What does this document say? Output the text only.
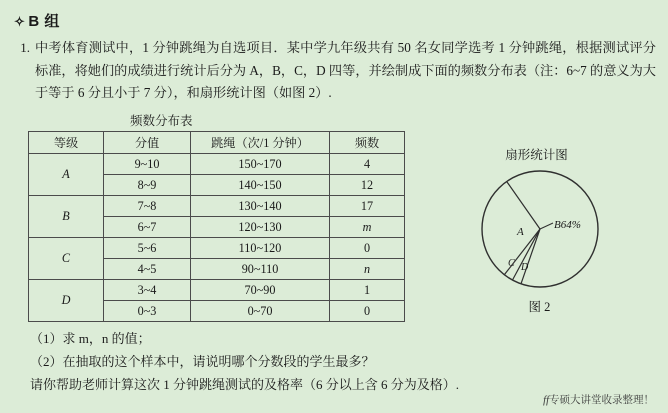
✧ B 组
1. 中考体育测试中，1 分钟跳绳为自选项目．某中学九年级共有 50 名女同学选考 1 分钟跳绳，根据测试评分标准，将她们的成绩进行统计后分为 A，B，C，D 四等，并绘制成下面的频数分布表（注：6~7 的意义为大于等于 6 分且小于 7 分），和扇形统计图（如图 2）.
频数分布表
等级	分值	跳绳（次/1 分钟）	频数
A	9~10	150~170	4
	8~9	140~150	12
B	7~8	130~140	17
	6~7	120~130	m
C	5~6	110~120	0
	4~5	90~110	n
D	3~4	70~90	1
	0~3	0~70	0
扇形统计图
A
B64%
C D
图 2
（1）求 m，n 的值；
（2）在抽取的这个样本中，请说明哪个分数段的学生最多？
请你帮助老师计算这次 1 分钟跳绳测试的及格率（6 分以上含 6 分为及格）.
ff专硕大讲堂收录整理！
